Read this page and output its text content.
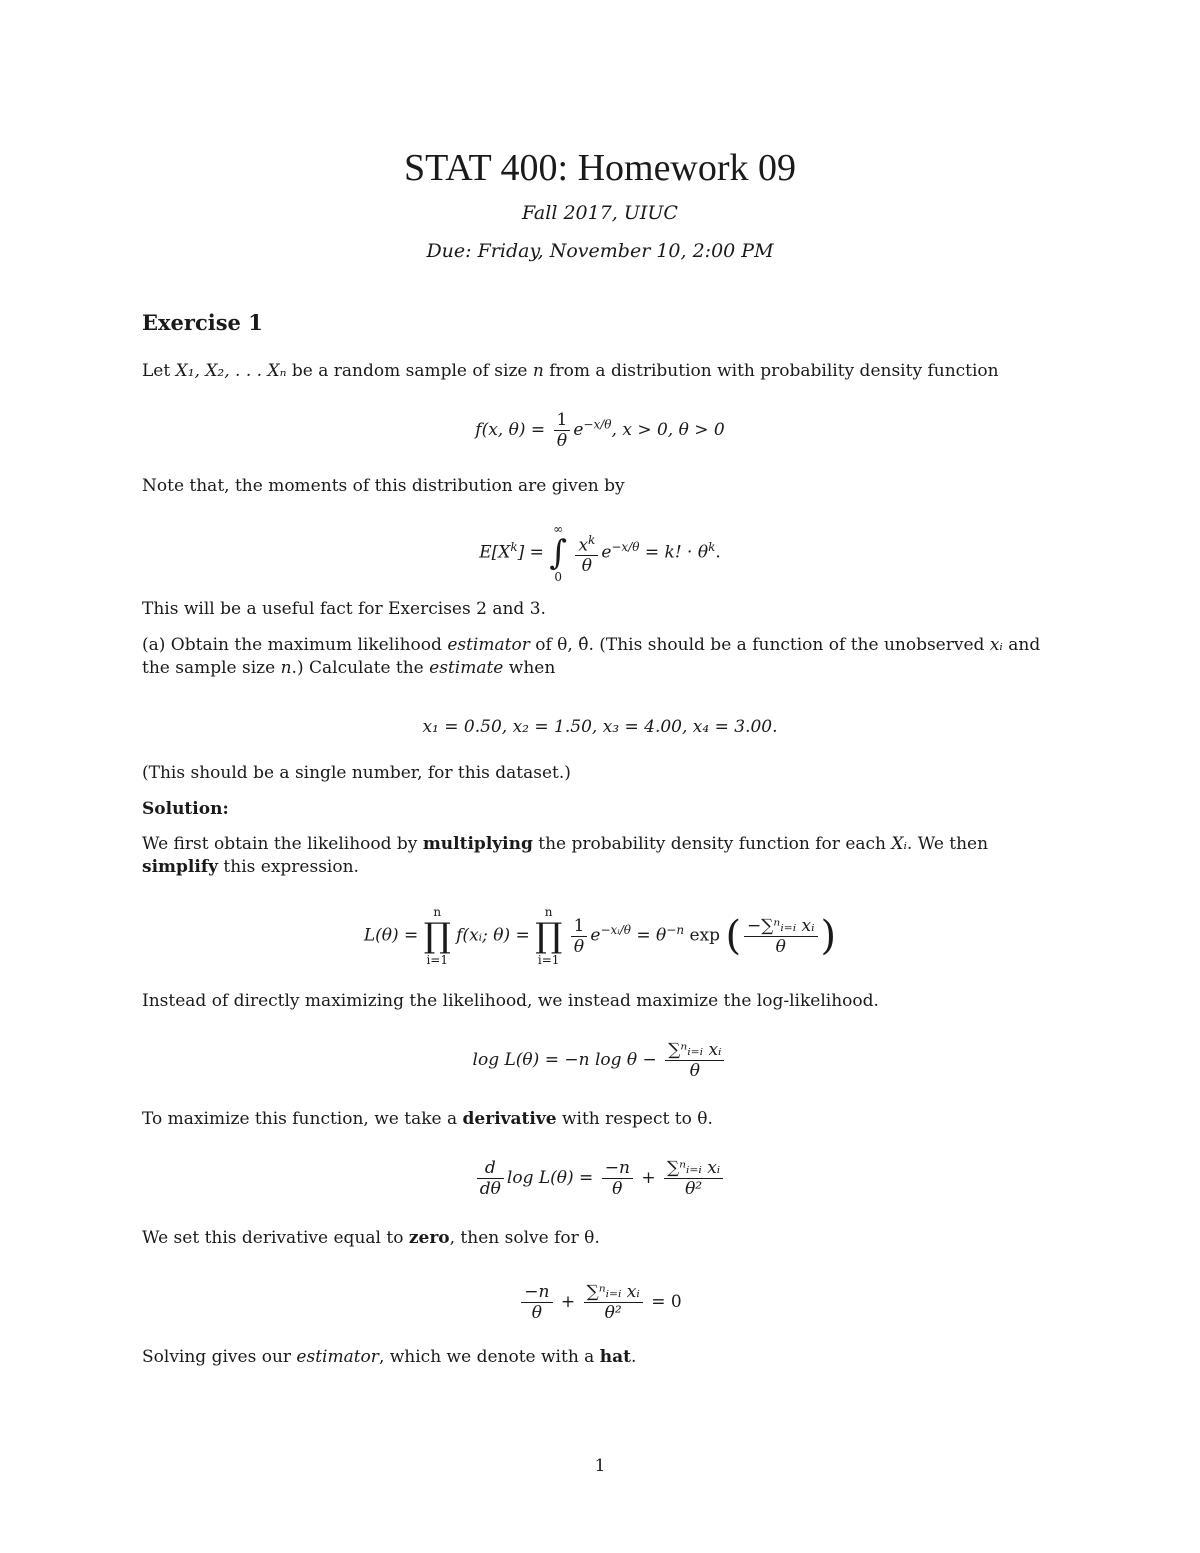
STAT 400: Homework 09
Fall 2017, UIUC
Due: Friday, November 10, 2:00 PM
Exercise 1
Let X₁, X₂, . . . Xₙ be a random sample of size n from a distribution with probability density function
f(x, $\theta) = \frac{1}{\theta} e^{-x/\theta}$, x > 0, θ > 0
Note that, the moments of this distribution are given by
$E[X^k]$ = ∞
∫
0
$\frac{x^k}{\theta} e^{-x/\theta} = k$! · $\theta^k$.
This will be a useful fact for Exercises 2 and 3.
(a) Obtain the maximum likelihood estimator of θ, θ̂. (This should be a function of the unobserved xᵢ and the sample size n.) Calculate the estimate when
x₁ = 0.50, x₂ = 1.50, x₃ = 4.00, x₄ = 3.00.
(This should be a single number, for this dataset.)
Solution:
We first obtain the likelihood by multiplying the probability density function for each Xᵢ. We then simplify this expression.
L(θ) = n
∏
i=1 f(xᵢ; θ) = n
∏
i=1
$\frac{1}{\theta} e^{-xᵢ/\theta} = \theta^{-n}$ exp ( $\frac{\text{−∑ⁿᵢ₌ᵢ xᵢ}}{\theta}$ )
Instead of directly maximizing the likelihood, we instead maximize the log-likelihood.
log L(θ) = −n $\log \theta - \frac{\text{∑ⁿᵢ₌ᵢ xᵢ}}{\theta}$
To maximize this function, we take a derivative with respect to θ.
$\frac{d}{d\theta}$ $\log L(\theta) = \frac{-n}{\theta} + \frac{\text{∑ⁿᵢ₌ᵢ xᵢ}}{\text{θ²}}$
We set this derivative equal to zero, then solve for θ.
$\frac{-n}{\theta} + \frac{\text{∑ⁿᵢ₌ᵢ xᵢ}}{\text{θ²}} = 0$
Solving gives our estimator, which we denote with a hat.
1
